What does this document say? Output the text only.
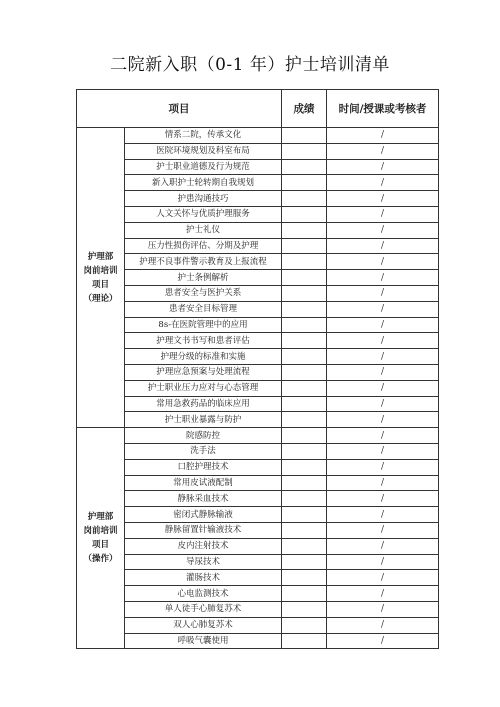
二院新入职（0-1 年）护士培训清单
项目		成绩	时间/授课或考核者
护理部
岗前培训
项目
（理论）	情系二院，传承文化		/
	医院环境规划及科室布局		/
	护士职业道德及行为规范		/
	新入职护士轮转期自我规划		/
	护患沟通技巧		/
	人文关怀与优质护理服务		/
	护士礼仪		/
	压力性损伤评估、分期及护理		/
	护理不良事件警示教育及上报流程		/
	护士条例解析		/
	患者安全与医护关系		/
	患者安全目标管理		/
	8s-在医院管理中的应用		/
	护理文书书写和患者评估		/
	护理分级的标准和实施		/
	护理应急预案与处理流程		/
	护士职业压力应对与心态管理		/
	常用急救药品的临床应用		/
	护士职业暴露与防护		/
护理部
岗前培训
项目
（操作）	院感防控		/
	洗手法		/
	口腔护理技术		/
	常用皮试液配制		/
	静脉采血技术		/
	密闭式静脉输液		/
	静脉留置针输液技术		/
	皮内注射技术		/
	导尿技术		/
	灌肠技术		/
	心电监测技术		/
	单人徒手心肺复苏术		/
	双人心肺复苏术		/
	呼吸气囊使用		/
